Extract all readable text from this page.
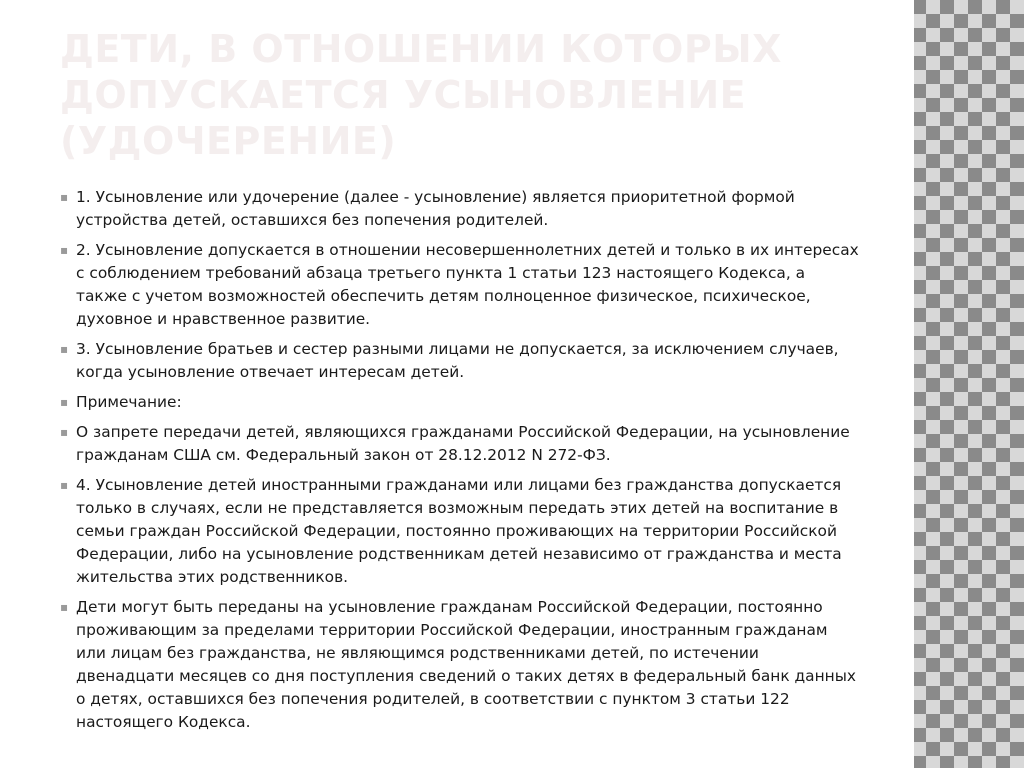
ДЕТИ, В ОТНОШЕНИИ КОТОРЫХ ДОПУСКАЕТСЯ УСЫНОВЛЕНИЕ (УДОЧЕРЕНИЕ)
▪ 1. Усыновление или удочерение (далее - усыновление) является приоритетной формой устройства детей, оставшихся без попечения родителей.
▪ 2. Усыновление допускается в отношении несовершеннолетних детей и только в их интересах с соблюдением требований абзаца третьего пункта 1 статьи 123 настоящего Кодекса, а также с учетом возможностей обеспечить детям полноценное физическое, психическое, духовное и нравственное развитие.
▪ 3. Усыновление братьев и сестер разными лицами не допускается, за исключением случаев, когда усыновление отвечает интересам детей.
▪ Примечание:
▪ О запрете передачи детей, являющихся гражданами Российской Федерации, на усыновление гражданам США см. Федеральный закон от 28.12.2012 N 272-ФЗ.
▪ 4. Усыновление детей иностранными гражданами или лицами без гражданства допускается только в случаях, если не представляется возможным передать этих детей на воспитание в семьи граждан Российской Федерации, постоянно проживающих на территории Российской Федерации, либо на усыновление родственникам детей независимо от гражданства и места жительства этих родственников.
▪ Дети могут быть переданы на усыновление гражданам Российской Федерации, постоянно проживающим за пределами территории Российской Федерации, иностранным гражданам или лицам без гражданства, не являющимся родственниками детей, по истечении двенадцати месяцев со дня поступления сведений о таких детях в федеральный банк данных о детях, оставшихся без попечения родителей, в соответствии с пунктом 3 статьи 122 настоящего Кодекса.
